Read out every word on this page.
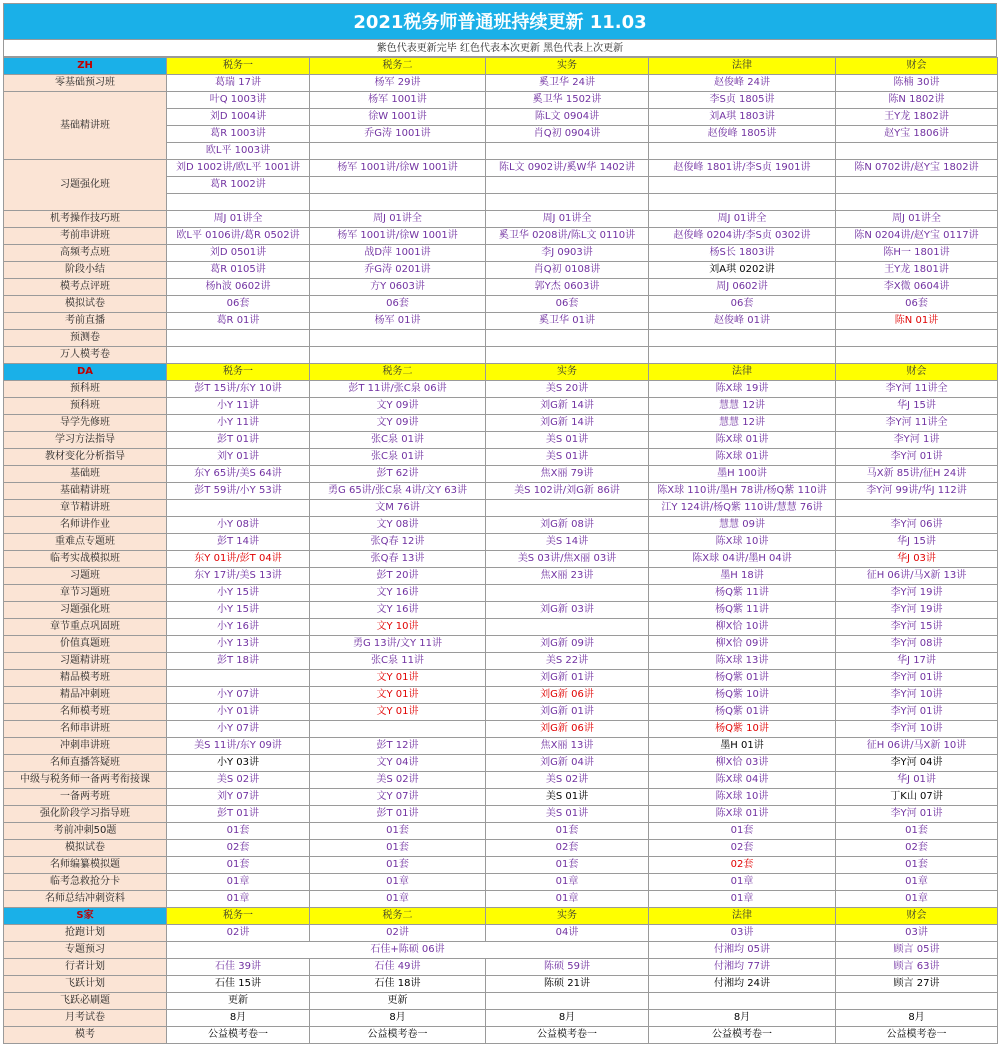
2021税务师普通班持续更新 11.03
紫色代表更新完毕 红色代表本次更新 黑色代表上次更新
ZH	税务一	税务二	实务	法律	财会
零基础预习班	葛瑞 17讲	杨军 29讲	奚卫华 24讲	赵俊峰 24讲	陈楠 30讲
基础精讲班	叶Q 1003讲	杨军 1001讲	奚卫华 1502讲	李S贞 1805讲	陈N 1802讲
	刘D 1004讲	徐W 1001讲	陈L文 0904讲	刘A琪 1803讲	王Y龙 1802讲
	葛R 1003讲	乔G涛 1001讲	肖Q初 0904讲	赵俊峰 1805讲	赵Y宝 1806讲
	欧L平 1003讲				
习题强化班	刘D 1002讲/欧L平 1001讲	杨军 1001讲/徐W 1001讲	陈L文 0902讲/奚W华 1402讲	赵俊峰 1801讲/李S贞 1901讲	陈N 0702讲/赵Y宝 1802讲
	葛R 1002讲				

机考操作技巧班	周J 01讲全	周J 01讲全	周J 01讲全	周J 01讲全	周J 01讲全
考前串讲班	欧L平 0106讲/葛R 0502讲	杨军 1001讲/徐W 1001讲	奚卫华 0208讲/陈L文 0110讲	赵俊峰 0204讲/李S贞 0302讲	陈N 0204讲/赵Y宝 0117讲
高频考点班	刘D 0501讲	战D萍 1001讲	李J 0903讲	杨S长 1803讲	陈H一 1801讲
阶段小结	葛R 0105讲	乔G涛 0201讲	肖Q初 0108讲	刘A琪 0202讲	王Y龙 1801讲
模考点评班	杨h波 0602讲	方Y 0603讲	郭Y杰 0603讲	周J 0602讲	李X微 0604讲
模拟试卷	06套	06套	06套	06套	06套
考前直播	葛R 01讲	杨军 01讲	奚卫华 01讲	赵俊峰 01讲	陈N 01讲
预测卷					
万人模考卷					
DA	税务一	税务二	实务	法律	财会
预科班	彭T 15讲/东Y 10讲	彭T 11讲/张C泉 06讲	美S 20讲	陈X球 19讲	李Y河 11讲全
预科班	小Y 11讲	文Y 09讲	刘G新 14讲	慧慧 12讲	华J 15讲
导学先修班	小Y 11讲	文Y 09讲	刘G新 14讲	慧慧 12讲	李Y河 11讲全
学习方法指导	彭T 01讲	张C泉 01讲	美S 01讲	陈X球 01讲	李Y河 1讲
教材变化分析指导	刘Y 01讲	张C泉 01讲	美S 01讲	陈X球 01讲	李Y河 01讲
基础班	东Y 65讲/美S 64讲	彭T 62讲	焦X丽 79讲	墨H 100讲	马X新 85讲/征H 24讲
基础精讲班	彭T 59讲/小Y 53讲	勇G 65讲/张C泉 4讲/文Y 63讲	美S 102讲/刘G新 86讲	陈X球 110讲/墨H 78讲/杨Q紫 110讲	李Y河 99讲/华J 112讲
章节精讲班		文M 76讲		江Y 124讲/杨Q紫 110讲/慧慧 76讲	
名师讲作业	小Y 08讲	文Y 08讲	刘G新 08讲	慧慧 09讲	李Y河 06讲
重难点专题班	彭T 14讲	张Q春 12讲	美S 14讲	陈X球 10讲	华J 15讲
临考实战模拟班	东Y 01讲/彭T 04讲	张Q春 13讲	美S 03讲/焦X丽 03讲	陈X球 04讲/墨H 04讲	华J 03讲
习题班	东Y 17讲/美S 13讲	彭T 20讲	焦X丽 23讲	墨H 18讲	征H 06讲/马X新 13讲
章节习题班	小Y 15讲	文Y 16讲		杨Q紫 11讲	李Y河 19讲
习题强化班	小Y 15讲	文Y 16讲	刘G新 03讲	杨Q紫 11讲	李Y河 19讲
章节重点巩固班	小Y 16讲	文Y 10讲		柳X恰 10讲	李Y河 15讲
价值真题班	小Y 13讲	勇G 13讲/文Y 11讲	刘G新 09讲	柳X恰 09讲	李Y河 08讲
习题精讲班	彭T 18讲	张C泉 11讲	美S 22讲	陈X球 13讲	华J 17讲
精品模考班		文Y 01讲	刘G新 01讲	杨Q紫 01讲	李Y河 01讲
精品冲刺班	小Y 07讲	文Y 01讲	刘G新 06讲	杨Q紫 10讲	李Y河 10讲
名师模考班	小Y 01讲	文Y 01讲	刘G新 01讲	杨Q紫 01讲	李Y河 01讲
名师串讲班	小Y 07讲		刘G新 06讲	杨Q紫 10讲	李Y河 10讲
冲刺串讲班	美S 11讲/东Y 09讲	彭T 12讲	焦X丽 13讲	墨H 01讲	征H 06讲/马X新 10讲
名师直播答疑班	小Y 03讲	文Y 04讲	刘G新 04讲	柳X恰 03讲	李Y河 04讲
中级与税务师一备两考衔接课	美S 02讲	美S 02讲	美S 02讲	陈X球 04讲	华J 01讲
一备两考班	刘Y 07讲	文Y 07讲	美S 01讲	陈X球 10讲	丁K山 07讲
强化阶段学习指导班	彭T 01讲	彭T 01讲	美S 01讲	陈X球 01讲	李Y河 01讲
考前冲刺50题	01套	01套	01套	01套	01套
模拟试卷	02套	01套	02套	02套	02套
名师编纂模拟题	01套	01套	01套	02套	01套
临考急救抢分卡	01章	01章	01章	01章	01章
名师总结冲刺资料	01章	01章	01章	01章	01章
S家	税务一	税务二	实务	法律	财会
抢跑计划	02讲	02讲	04讲	03讲	03讲
专题预习	石佳+陈硕 06讲			付湘均 05讲	顾言 05讲
行者计划	石佳 39讲	石佳 49讲	陈硕 59讲	付湘均 77讲	顾言 63讲
飞跃计划	石佳 15讲	石佳 18讲	陈硕 21讲	付湘均 24讲	顾言 27讲
飞跃必刷题	更新	更新			
月考试卷	8月	8月	8月	8月	8月
模考	公益模考卷一	公益模考卷一	公益模考卷一	公益模考卷一	公益模考卷一
